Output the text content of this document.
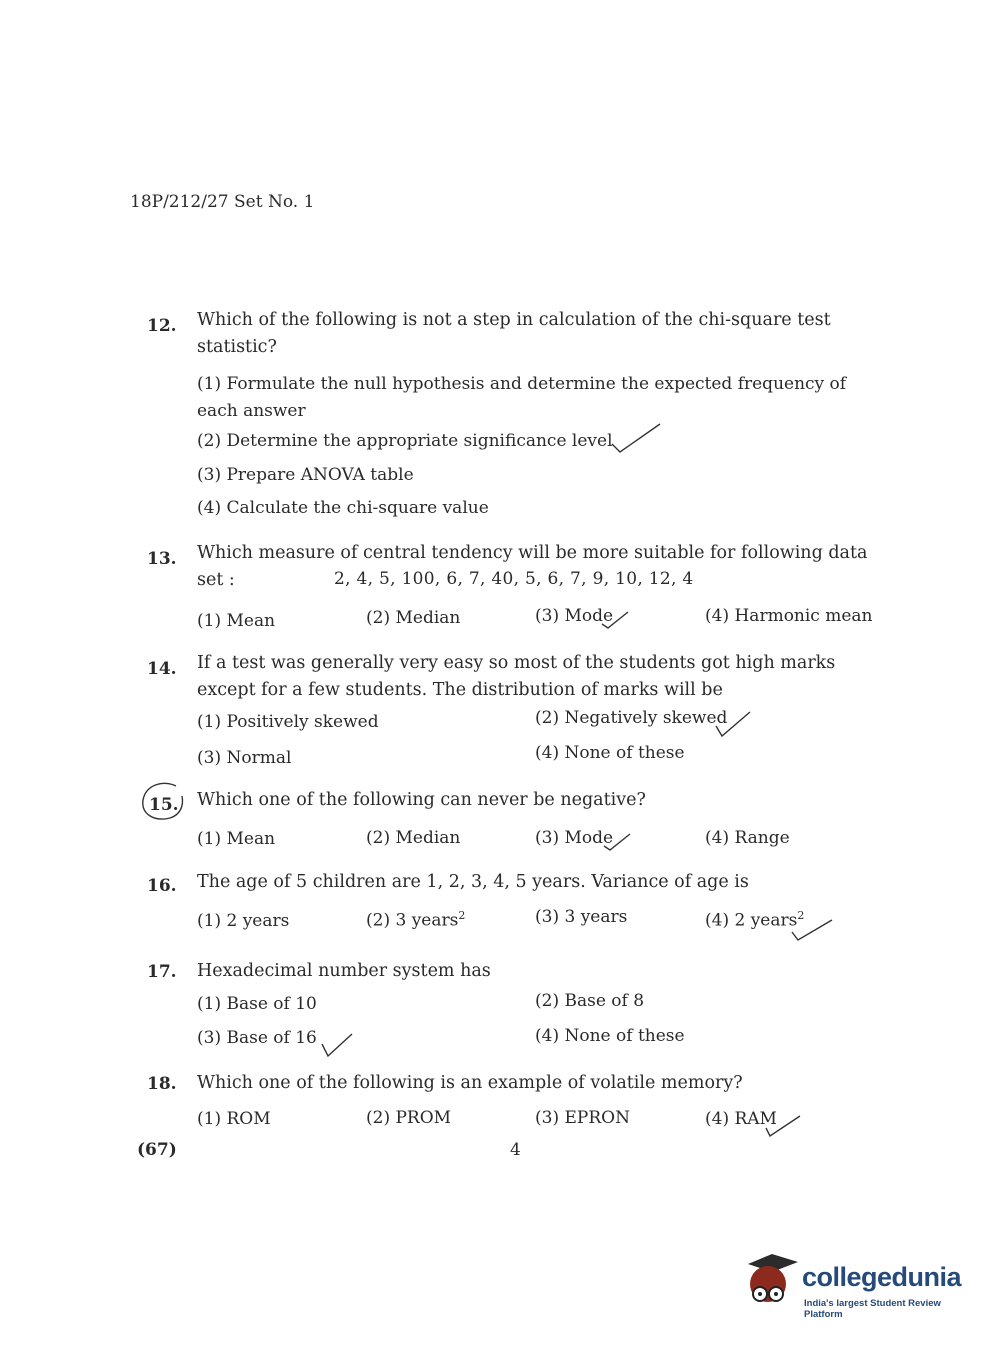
18P/212/27 Set No. 1
12. Which of the following is not a step in calculation of the chi-square test statistic?
(1) Formulate the null hypothesis and determine the expected frequency of each answer
(2) Determine the appropriate significance level
(3) Prepare ANOVA table
(4) Calculate the chi-square value
13. Which measure of central tendency will be more suitable for following data set :	2, 4, 5, 100, 6, 7, 40, 5, 6, 7, 9, 10, 12, 4
(1) Mean	(2) Median	(3) Mode	(4) Harmonic mean
14. If a test was generally very easy so most of the students got high marks except for a few students. The distribution of marks will be
(1) Positively skewed	(2) Negatively skewed
(3) Normal	(4) None of these
15. Which one of the following can never be negative?
(1) Mean	(2) Median	(3) Mode	(4) Range
16. The age of 5 children are 1, 2, 3, 4, 5 years. Variance of age is
(1) 2 years	(2) 3 years$^2$	(3) 3 years	(4) 2 years$^2$
17. Hexadecimal number system has
(1) Base of 10	(2) Base of 8
(3) Base of 16	(4) None of these
18. Which one of the following is an example of volatile memory?
(1) ROM	(2) PROM	(3) EPRON	(4) RAM
(67)	4
collegedunia
India's largest Student Review Platform
